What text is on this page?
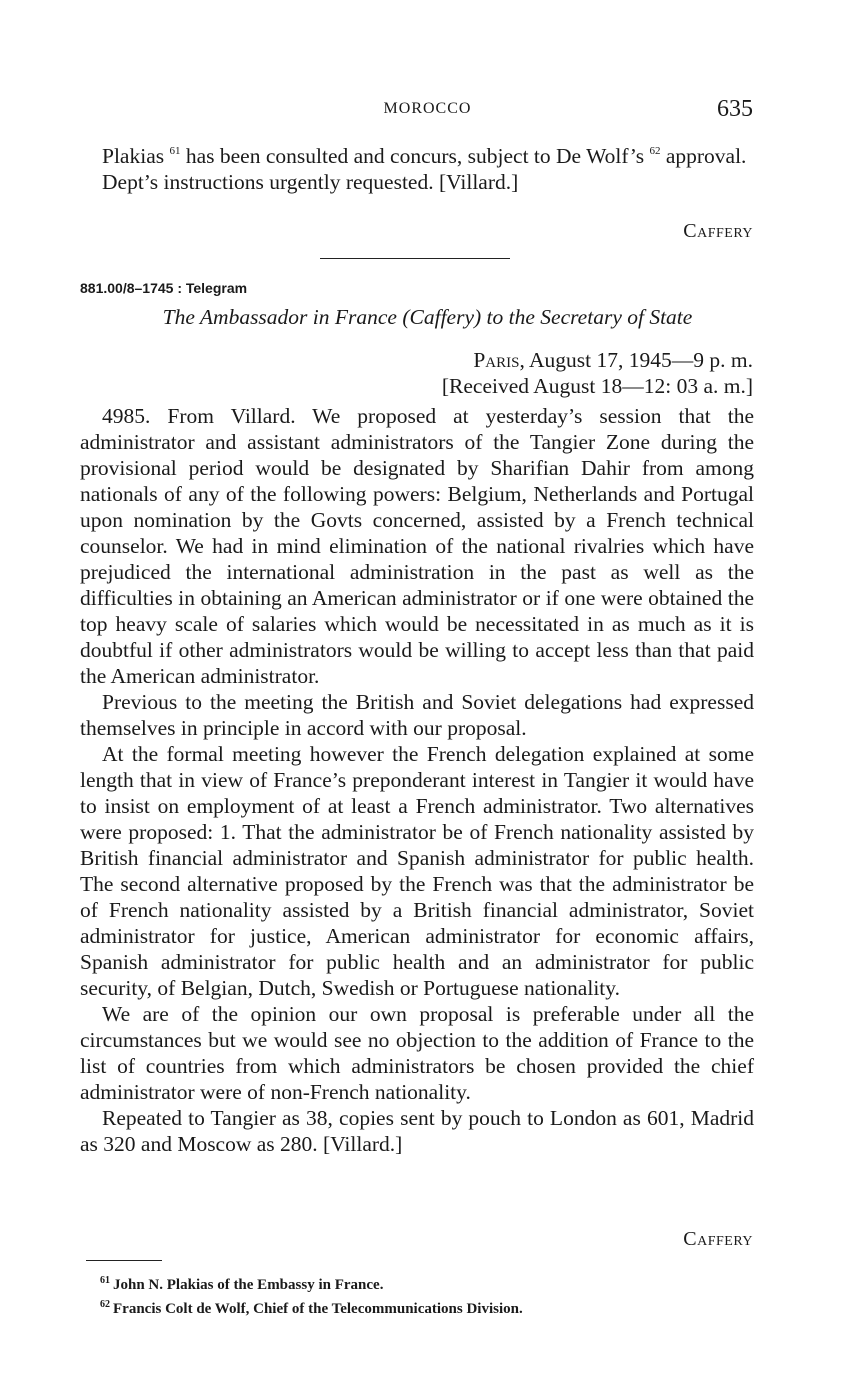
MOROCCO	635

Plakias $^{61}$ has been consulted and concurs, subject to De Wolf’s $^{62}$ approval.

Dept’s instructions urgently requested. [Villard.]

Caffery
881.00/8–1745 : Telegram
The Ambassador in France (Caffery) to the Secretary of State
Paris, August 17, 1945—9 p. m.
[Received August 18—12: 03 a. m.]

4985. From Villard. We proposed at yesterday’s session that the administrator and assistant administrators of the Tangier Zone during the provisional period would be designated by Sharifian Dahir from among nationals of any of the following powers: Belgium, Netherlands and Portugal upon nomination by the Govts concerned, assisted by a French technical counselor. We had in mind elimination of the national rivalries which have prejudiced the international administration in the past as well as the difficulties in obtaining an American administrator or if one were obtained the top heavy scale of salaries which would be necessitated in as much as it is doubtful if other administrators would be willing to accept less than that paid the American administrator.

Previous to the meeting the British and Soviet delegations had expressed themselves in principle in accord with our proposal.

At the formal meeting however the French delegation explained at some length that in view of France’s preponderant interest in Tangier it would have to insist on employment of at least a French administrator. Two alternatives were proposed: 1. That the administrator be of French nationality assisted by British financial administrator and Spanish administrator for public health. The second alternative proposed by the French was that the administrator be of French nationality assisted by a British financial administrator, Soviet administrator for justice, American administrator for economic affairs, Spanish administrator for public health and an administrator for public security, of Belgian, Dutch, Swedish or Portuguese nationality.

We are of the opinion our own proposal is preferable under all the circumstances but we would see no objection to the addition of France to the list of countries from which administrators be chosen provided the chief administrator were of non-French nationality.

Repeated to Tangier as 38, copies sent by pouch to London as 601, Madrid as 320 and Moscow as 280. [Villard.]

Caffery
$^{61}$ John N. Plakias of the Embassy in France.
$^{62}$ Francis Colt de Wolf, Chief of the Telecommunications Division.
